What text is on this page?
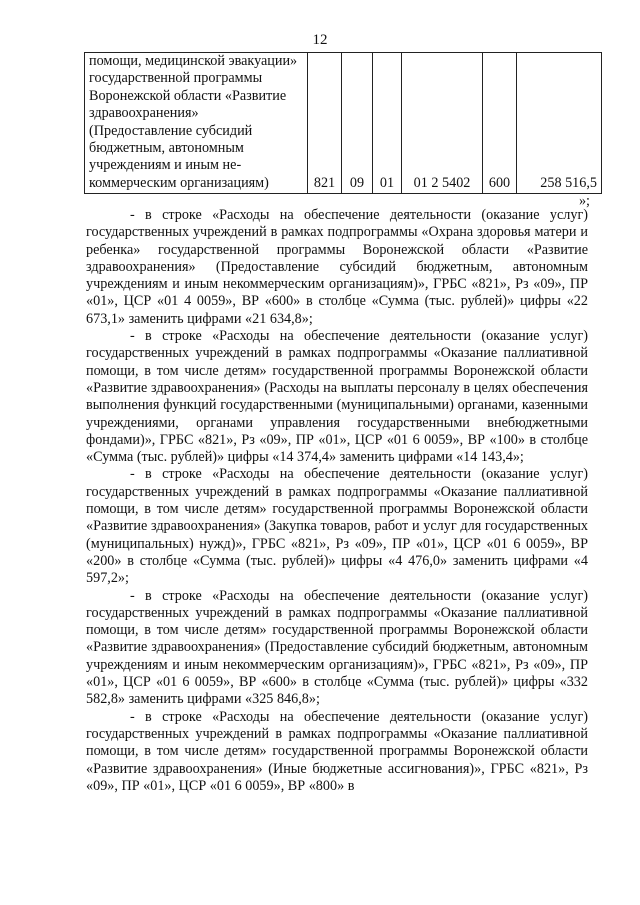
12
помощи, медицинской эвакуации» государственной программы Воронежской области «Развитие здравоохранения» (Предоставление субсидий бюджетным, автономным учреждениям и иным некоммерческим организациям)	821	09	01	01 2 5402	600	258 516,5
»;

- в строке «Расходы на обеспечение деятельности (оказание услуг) государственных учреждений в рамках подпрограммы «Охрана здоровья матери и ребенка» государственной программы Воронежской области «Развитие здравоохранения» (Предоставление субсидий бюджетным, автономным учреждениям и иным некоммерческим организациям)», ГРБС «821», Рз «09», ПР «01», ЦСР «01 4 0059», ВР «600» в столбце «Сумма (тыс. рублей)» цифры «22 673,1» заменить цифрами «21 634,8»;

- в строке «Расходы на обеспечение деятельности (оказание услуг) государственных учреждений в рамках подпрограммы «Оказание паллиативной помощи, в том числе детям» государственной программы Воронежской области «Развитие здравоохранения» (Расходы на выплаты персоналу в целях обеспечения выполнения функций государственными (муниципальными) органами, казенными учреждениями, органами управления государственными внебюджетными фондами)», ГРБС «821», Рз «09», ПР «01», ЦСР «01 6 0059», ВР «100» в столбце «Сумма (тыс. рублей)» цифры «14 374,4» заменить цифрами «14 143,4»;

- в строке «Расходы на обеспечение деятельности (оказание услуг) государственных учреждений в рамках подпрограммы «Оказание паллиативной помощи, в том числе детям» государственной программы Воронежской области «Развитие здравоохранения» (Закупка товаров, работ и услуг для государственных (муниципальных) нужд)», ГРБС «821», Рз «09», ПР «01», ЦСР «01 6 0059», ВР «200» в столбце «Сумма (тыс. рублей)» цифры «4 476,0» заменить цифрами «4 597,2»;

- в строке «Расходы на обеспечение деятельности (оказание услуг) государственных учреждений в рамках подпрограммы «Оказание паллиативной помощи, в том числе детям» государственной программы Воронежской области «Развитие здравоохранения» (Предоставление субсидий бюджетным, автономным учреждениям и иным некоммерческим организациям)», ГРБС «821», Рз «09», ПР «01», ЦСР «01 6 0059», ВР «600» в столбце «Сумма (тыс. рублей)» цифры «332 582,8» заменить цифрами «325 846,8»;

- в строке «Расходы на обеспечение деятельности (оказание услуг) государственных учреждений в рамках подпрограммы «Оказание паллиативной помощи, в том числе детям» государственной программы Воронежской области «Развитие здравоохранения» (Иные бюджетные ассигнования)», ГРБС «821», Рз «09», ПР «01», ЦСР «01 6 0059», ВР «800» в
